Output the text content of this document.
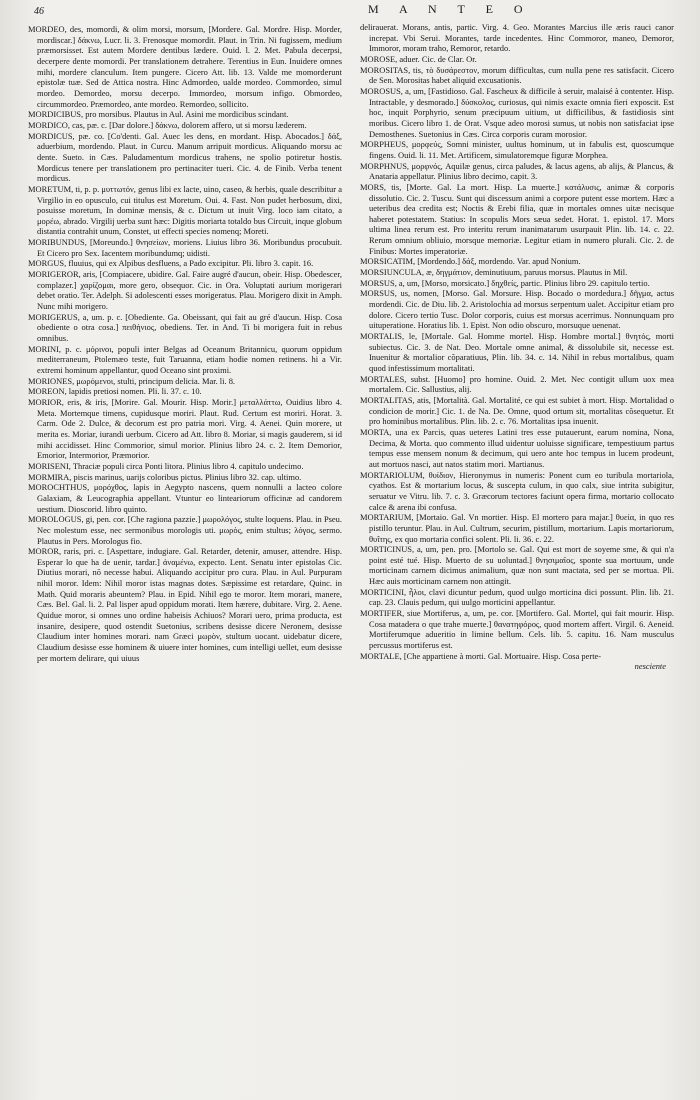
46	M A N T E O

MORDEO, des, momordi, & olim morsi, morsum, [Mordere. Gal. Mordre. Hisp. Morder, mordiscar.] δάκνω, Lucr. li. 3. Frenosque momordit. Plaut. in Trin. Ni fugissem, medium præmorsisset. Est autem Mordere dentibus lædere. Ouid. l. 2. Met. Pabula decerpsi, decerpere dente momordi. Per translationem detrahere. Terentius in Eun. Inuidere omnes mihi, mordere clanculum. Item pungere. Cicero Att. lib. 13. Valde me momorderunt epistolæ tuæ. Sed de Attica nostra. Hinc Admordeo, ualde mordeo. Commordeo, simul mordeo. Demordeo, morsu decerpo. Immordeo, morsum infigo. Obmordeo, circummordeo. Præmordeo, ante mordeo. Remordeo, sollicito.

MORDICIBUS, pro morsibus. Plautus in Aul. Asini me mordicibus scindant.

MORDICO, cas, pæ. c. [Dar dolore.] δάκνω, dolorem affero, ut si morsu læderem.

MORDICUS, pæ. co. [Co'denti. Gal. Auec les dens, en mordant. Hisp. Abocados.] δάξ, aduerbium, mordendo. Plaut. in Curcu. Manum arripuit mordicus. Aliquando morsu ac dente. Sueto. in Cæs. Paludamentum mordicus trahens, ne spolio potiretur hostis. Mordicus tenere per translationem pro pertinaciter tueri. Cic. 4. de Finib. Verba tenent mordicus.

MORETUM, ti, p. p. μυττωτόν, genus libi ex lacte, uino, caseo, & herbis, quale describitur a Virgilio in eo opusculo, cui titulus est Moretum. Oui. 4. Fast. Non pudet herbosum, dixi, posuisse moretum, In dominæ mensis, & c. Dictum ut inuit Virg. loco iam citato, a μορέω, abrado. Virgilij uerba sunt hæc: Digitis moriarta totaldo bus Circuit, inque globum distantia contrahit unum, Constet, ut effecti species nomenq; Moreti.

MORIBUNDUS, [Moreundo.] θνησείων, moriens. Liuius libro 36. Moribundus procubuit. Et Cicero pro Sex. Iacentem moribundumq; uidisti.

MORGUS, fluuius, qui ex Alpibus desfluens, a Pado excipitur. Pli. libro 3. capit. 16.

MORIGEROR, aris, [Compiacere, ubidire. Gal. Faire augré d'aucun, obeir. Hisp. Obedescer, complazer.] χαρίζομαι, more gero, obsequor. Cic. in Ora. Voluptati aurium morigerari debet oratio. Ter. Adelph. Si adolescenti esses morigeratus. Plau. Morigero dixit in Amph. Nunc mihi morigero.

MORIGERUS, a, um. p. c. [Obediente. Ga. Obeissant, qui fait au gré d'aucun. Hisp. Cosa obediente o otra cosa.] πειθήνιος, obediens. Ter. in And. Ti bi morigera fuit in rebus omnibus.

MORINI, p. c. μόρινοι, populi inter Belgas ad Oceanum Britannicu, quorum oppidum mediterraneum, Ptolemæo teste, fuit Taruanna, etiam hodie nomen retinens. hi a Vir. extremi hominum appellantur, quod Oceano sint proximi.

MORIONES, μωρόμενοι, stulti, principum delicia. Mar. li. 8.

MOREON, lapidis pretiosi nomen. Pli. li. 37. c. 10.

MORIOR, eris, & iris, [Morire. Gal. Mourir. Hisp. Morir.] μεταλλάττω, Ouidius libro 4. Meta. Mortemque timens, cupidusque moriri. Plaut. Rud. Certum est moriri. Horat. 3. Carm. Ode 2. Dulce, & decorum est pro patria mori. Virg. 4. Aenei. Quin morere, ut merita es. Moriar, iurandi uerbum. Cicero ad Att. libro 8. Moriar, si magis gauderem, si id mihi accidisset. Hinc Commorior, simul morior. Plinius libro 24. c. 2. Item Demorior, Emorior, Intermorior, Præmorior.

MORISENI, Thraciæ populi circa Ponti litora. Plinius libro 4. capitulo undecimo.

MORMIRA, piscis marinus, uarijs coloribus pictus. Plinius libro 32. cap. ultimo.

MOROCHTHUS, μορόχθος, lapis in Aegypto nascens, quem nonnulli a lacteo colore Galaxiam, & Leucographia appellant. Vtuntur eo linteariorum officinæ ad candorem uestium. Dioscorid. libro quinto.

MOROLOGUS, gi, pen. cor. [Che ragiona pazzie.] μωρολόγος, stulte loquens. Plau. in Pseu. Nec molestum esse, nec sermonibus morologis uti. μωρός, enim stultus; λόγος, sermo. Plautus in Pers. Morologus fio.

MOROR, raris, pri. c. [Aspettare, indugiare. Gal. Retarder, detenir, amuser, attendre. Hisp. Esperar lo que ha de uenir, tardar.] ἀναμένω, expecto. Lent. Senatu inter epistolas Cic. Diutius morari, nō necesse habui. Aliquando accipitur pro cura. Plau. in Aul. Purpuram nihil moror. Idem: Nihil moror istas magnas dotes. Sæpissime est retardare, Quinc. in Math. Quid moraris abeuntem? Plau. in Epid. Nihil ego te moror. Item morari, manere, Cæs. Bel. Gal. li. 2. Pal lisper apud oppidum morati. Item hærere, dubitare. Virg. 2. Aene. Quidue moror, si omnes uno ordine habeisis Achiuos? Morari uero, prima producta, est insanire, desipere, quod ostendit Suetonius, scribens desisse dicere Neronem, desisse Claudium inter homines morari. nam Græci μωρὸν, stultum uocant. uidebatur dicere, Claudium desisse esse hominem & uiuere inter homines, cum intelligi uellet, eum desisse per mortem delirare, qui uiuus

delirauerat. Morans, antis, partic. Virg. 4. Geo. Morantes Marcius ille æris rauci canor increpat. Vbi Serui. Morantes, tarde incedentes. Hinc Commoror, maneo, Demoror, Immoror, moram traho, Remoror, retardo.

MOROSE, aduer. Cic. de Clar. Or.

MOROSITAS, tis, τὸ δυσάρεστον, morum difficultas, cum nulla pene res satisfacit. Cicero de Sen. Morositas habet aliquid excusationis.

MOROSUS, a, um, [Fastidioso. Gal. Fascheux & difficile à seruir, malaisé à contenter. Hisp. Intractable, y desmorado.] δύσκολος, curiosus, qui nimis exacte omnia fieri exposcit. Est hoc, inquit Porphyrio, senum præcipuum uitium, ut difficilibus, & fastidiosis sint moribus. Cicero libro 1. de Orat. Vsque adeo morosi sumus, ut nobis non satisfaciat ipse Demosthenes. Suetonius in Cæs. Circa corporis curam morosior.

MORPHEUS, μορφεύς, Somni minister, uultus hominum, ut in fabulis est, quoscumque fingens. Ouid. li. 11. Met. Artificem, simulatoremque figuræ Morphea.

MORPHNUS, μορφνός, Aquilæ genus, circa paludes, & lacus agens, ab alijs, & Plancus, & Anataria appellatur. Plinius libro decimo, capit. 3.

MORS, tis, [Morte. Gal. La mort. Hisp. La muerte.] κατάλυσις, animæ & corporis dissolutio. Cic. 2. Tuscu. Sunt qui discessum animi a corpore putent esse mortem. Hæc a ueteribus dea credita est; Noctis & Erebi filia, quæ in mortales omnes uitæ necisque haberet potestatem. Statius: In scopulis Mors sæua sedet. Horat. 1. epistol. 17. Mors ultima linea rerum est. Pro interitu rerum inanimatarum usurpauit Plin. lib. 14. c. 22. Rerum omnium obliuio, morsque memoriæ. Legitur etiam in numero plurali. Cic. 2. de Finibus: Mortes imperatoriæ.

MORSICATIM, [Mordendo.] δάξ, mordendo. Var. apud Nonium.

MORSIUNCULA, æ, δηγμάτιον, deminutiuum, paruus morsus. Plautus in Mil.

MORSUS, a, um, [Morso, morsicato.] δηχθείς, partic. Plinius libro 29. capitulo tertio.

MORSUS, us, nomen, [Morso. Gal. Morsure. Hisp. Bocado o mordedura.] δῆγμα, actus mordendi. Cic. de Diu. lib. 2. Aristolochia ad morsus serpentum ualet. Accipitur etiam pro dolore. Cicero tertio Tusc. Dolor corporis, cuius est morsus acerrimus. Nonnunquam pro uituperatione. Horatius lib. 1. Epist. Non odio obscuro, morsuque uenenat.

MORTALIS, le, [Mortale. Gal. Homme mortel. Hisp. Hombre mortal.] θνητός, morti subiectus. Cic. 3. de Nat. Deo. Mortale omne animal, & dissolubile sit, necesse est. Inuenitur & mortalior cõparatiuus, Plin. lib. 34. c. 14. Nihil in rebus mortalibus, quam quod infestissimum mortalitati.

MORTALES, subst. [Huomo] pro homine. Ouid. 2. Met. Nec contigit ullum uox mea mortalem. Cic. Sallustius, alij.

MORTALITAS, atis, [Mortalità. Gal. Mortalité, ce qui est subiet à mort. Hisp. Mortalidad o condicion de morir.] Cic. 1. de Na. De. Omne, quod ortum sit, mortalitas cõsequetur. Et pro hominibus mortalibus. Plin. lib. 2. c. 76. Mortalitas ipsa inuenit.

MORTA, una ex Parcis, quas ueteres Latini tres esse putauerunt, earum nomina, Nona, Decima, & Morta. quo commento illud uidentur uoluisse significare, tempestiuum partus tempus esse mensem nonum & decimum, qui uero ante hoc tempus in lucem prodeunt, aut mortuos nasci, aut natos statim mori. Martianus.

MORTARIOLUM, θυίδιον, Hieronymus in numeris: Ponent cum eo turibula mortariola, cyathos. Est & mortarium locus, & suscepta culum, in quo calx, siue intrita subigitur, seruatur ve Vitru. lib. 7. c. 3. Græcorum tectores faciunt opera firma, mortario collocato calce & arena ibi confusa.

MORTARIUM, [Mortaio. Gal. Vn mortier. Hisp. El mortero para majar.] θυεία, in quo res pistillo teruntur. Plau. in Aul. Cultrum, securim, pistillum, mortarium. Lapis mortariorum, θυΐτης, ex quo mortaria confici solent. Pli. li. 36. c. 22.

MORTICINUS, a, um, pen. pro. [Mortolo se. Gal. Qui est mort de soyeme sme, & qui n'a point esté tué. Hisp. Muerto de su uoluntad.] θνησιμαῖος, sponte sua mortuum, unde morticinam carnem dicimus animalium, quæ non sunt mactata, sed per se mortua. Pli. Hæc auis morticinam carnem non attingit.

MORTICINI, ἧλοι, clavi dicuntur pedum, quod uulgo morticina dici possunt. Plin. lib. 21. cap. 23. Clauis pedum, qui uulgo morticini appellantur.

MORTIFER, siue Mortiferus, a, um, pe. cor. [Mortifero. Gal. Mortel, qui fait mourir. Hisp. Cosa matadera o que trahe muerte.] θανατηφόρος, quod mortem affert. Virgil. 6. Aeneid. Mortiferumque adueritio in limine bellum. Cels. lib. 5. capitu. 16. Nam musculus percussus mortiferus est.

MORTALE, [Che appartiene à morti. Gal. Mortuaire. Hisp. Cosa perte-

nesciente
